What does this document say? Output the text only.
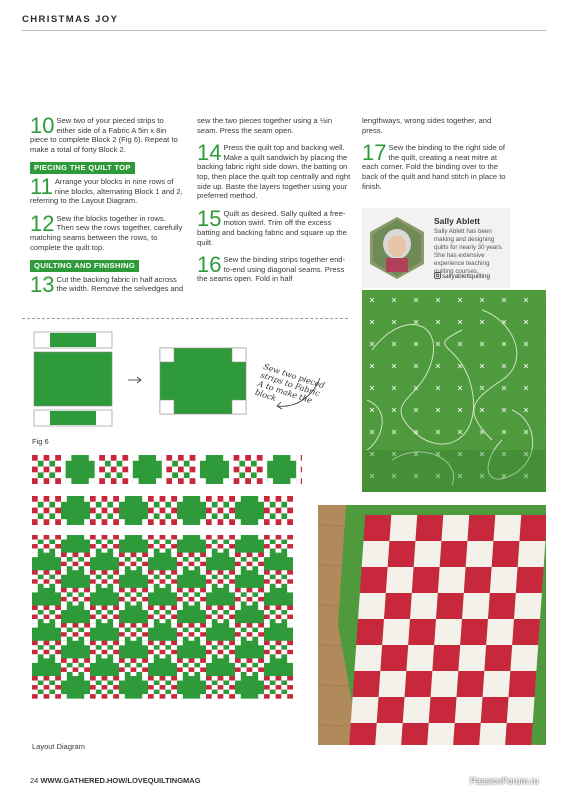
CHRISTMAS JOY
10 Sew two of your pieced strips to either side of a Fabric A 5in x 8in piece to complete Block 2 (Fig 6). Repeat to make a total of forty Block 2.
PIECING THE QUILT TOP
11 Arrange your blocks in nine rows of nine blocks, alternating Block 1 and 2, referring to the Layout Diagram.
12 Sew the blocks together in rows. Then sew the rows together, carefully matching seams between the rows, to complete the quilt top.
QUILTING AND FINISHING
13 Cut the backing fabric in half across the width. Remove the selvedges and
sew the two pieces together using a ½in seam. Press the seam open.
14 Press the quilt top and backing well. Make a quilt sandwich by placing the backing fabric right side down, the batting on top, then place the quilt top centrally and right side up. Baste the layers together using your preferred method.
15 Quilt as desired. Sally quilted a free-motion swirl. Trim off the excess batting and backing fabric and square up the quilt.
16 Sew the binding strips together end-to-end using diagonal seams. Press the seams open. Fold in half
lengthways, wrong sides together, and press.
17 Sew the binding to the right side of the quilt, creating a neat mitre at each corner. Fold the binding over to the back of the quilt and hand stitch in place to finish.
Sally Ablett
Sally Ablett has been making and designing quilts for nearly 30 years. She has extensive experience teaching quilting courses.
sallyablettquilting
Sew two pieced strips to Fabric A to make the block
Fig 6
Layout Diagram
24 WWW.GATHERED.HOW/LOVEQUILTINGMAG	PassionForum.ru
